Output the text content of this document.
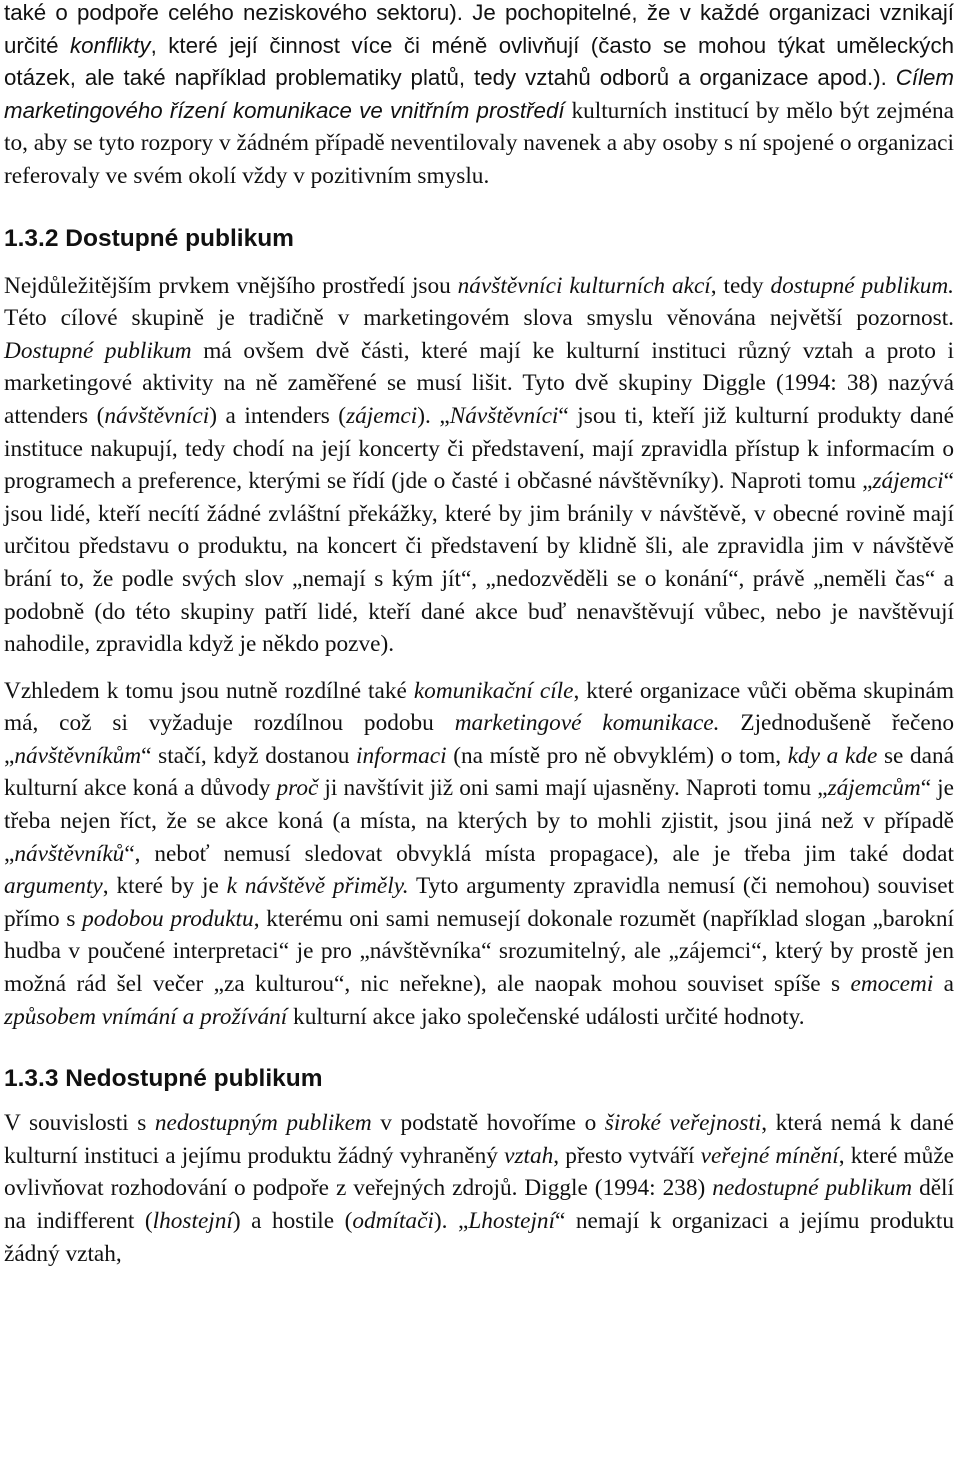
také o podpoře celého neziskového sektoru). Je pochopitelné, že v každé organizaci vznikají určité konflikty, které její činnost více či méně ovlivňují (často se mohou týkat uměleckých otázek, ale také například problematiky platů, tedy vztahů odborů a organizace apod.). Cílem marketingového řízení komunikace ve vnitřním prostředí kulturních institucí by mělo být zejména to, aby se tyto rozpory v žádném případě neventilovaly navenek a aby osoby s ní spojené o organizaci referovaly ve svém okolí vždy v pozitivním smyslu.

1.3.2 Dostupné publikum

Nejdůležitějším prvkem vnějšího prostředí jsou návštěvníci kulturních akcí, tedy dostupné publikum. Této cílové skupině je tradičně v marketingovém slova smyslu věnována největší pozornost. Dostupné publikum má ovšem dvě části, které mají ke kulturní instituci různý vztah a proto i marketingové aktivity na ně zaměřené se musí lišit. Tyto dvě skupiny Diggle (1994: 38) nazývá attenders (návštěvníci) a intenders (zájemci). „Návštěvníci“ jsou ti, kteří již kulturní produkty dané instituce nakupují, tedy chodí na její koncerty či představení, mají zpravidla přístup k informacím o programech a preference, kterými se řídí (jde o časté i občasné návštěvníky). Naproti tomu „zájemci“ jsou lidé, kteří necítí žádné zvláštní překážky, které by jim bránily v návštěvě, v obecné rovině mají určitou představu o produktu, na koncert či představení by klidně šli, ale zpravidla jim v návštěvě brání to, že podle svých slov „nemají s kým jít“, „nedozvěděli se o konání“, právě „neměli čas“ a podobně (do této skupiny patří lidé, kteří dané akce buď nenavštěvují vůbec, nebo je navštěvují nahodile, zpravidla když je někdo pozve).

Vzhledem k tomu jsou nutně rozdílné také komunikační cíle, které organizace vůči oběma skupinám má, což si vyžaduje rozdílnou podobu marketingové komunikace. Zjednodušeně řečeno „návštěvníkům“ stačí, když dostanou informaci (na místě pro ně obvyklém) o tom, kdy a kde se daná kulturní akce koná a důvody proč ji navštívit již oni sami mají ujasněny. Naproti tomu „zájemcům“ je třeba nejen říct, že se akce koná (a místa, na kterých by to mohli zjistit, jsou jiná než v případě „návštěvníků“, neboť nemusí sledovat obvyklá místa propagace), ale je třeba jim také dodat argumenty, které by je k návštěvě přiměly. Tyto argumenty zpravidla nemusí (či nemohou) souviset přímo s podobou produktu, kterému oni sami nemusejí dokonale rozumět (například slogan „barokní hudba v poučené interpretaci“ je pro „návštěvníka“ srozumitelný, ale „zájemci“, který by prostě jen možná rád šel večer „za kulturou“, nic neřekne), ale naopak mohou souviset spíše s emocemi a způsobem vnímání a prožívání kulturní akce jako společenské události určité hodnoty.

1.3.3 Nedostupné publikum

V souvislosti s nedostupným publikem v podstatě hovoříme o široké veřejnosti, která nemá k dané kulturní instituci a jejímu produktu žádný vyhraněný vztah, přesto vytváří veřejné mínění, které může ovlivňovat rozhodování o podpoře z veřejných zdrojů. Diggle (1994: 238) nedostupné publikum dělí na indifferent (lhostejní) a hostile (odmítači). „Lhostejní“ nemají k organizaci a jejímu produktu žádný vztah,
